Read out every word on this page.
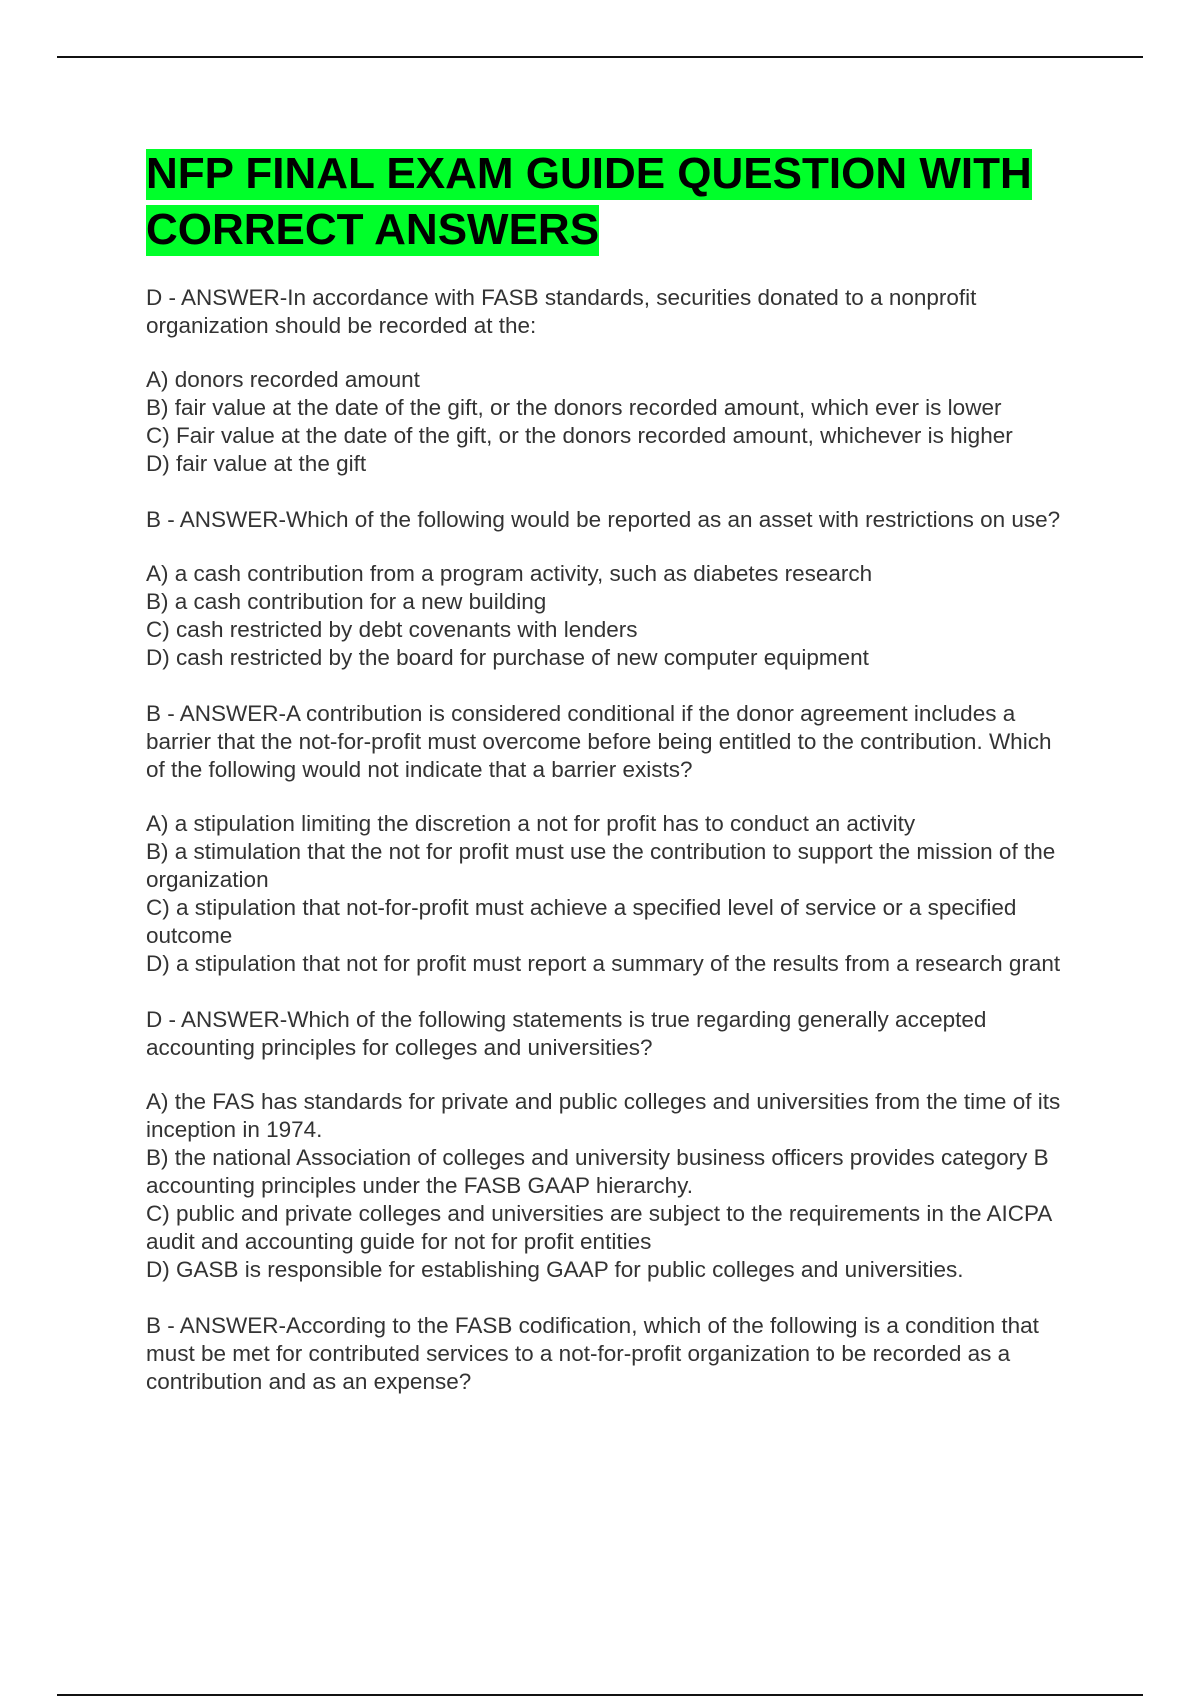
NFP FINAL EXAM GUIDE QUESTION WITH CORRECT ANSWERS

D - ANSWER-In accordance with FASB standards, securities donated to a nonprofit organization should be recorded at the:

A) donors recorded amount
B) fair value at the date of the gift, or the donors recorded amount, which ever is lower
C) Fair value at the date of the gift, or the donors recorded amount, whichever is higher
D) fair value at the gift

B - ANSWER-Which of the following would be reported as an asset with restrictions on use?

A) a cash contribution from a program activity, such as diabetes research
B) a cash contribution for a new building
C) cash restricted by debt covenants with lenders
D) cash restricted by the board for purchase of new computer equipment

B - ANSWER-A contribution is considered conditional if the donor agreement includes a barrier that the not-for-profit must overcome before being entitled to the contribution. Which of the following would not indicate that a barrier exists?

A) a stipulation limiting the discretion a not for profit has to conduct an activity
B) a stimulation that the not for profit must use the contribution to support the mission of the organization
C) a stipulation that not-for-profit must achieve a specified level of service or a specified outcome
D) a stipulation that not for profit must report a summary of the results from a research grant

D - ANSWER-Which of the following statements is true regarding generally accepted accounting principles for colleges and universities?

A) the FAS has standards for private and public colleges and universities from the time of its inception in 1974.
B) the national Association of colleges and university business officers provides category B accounting principles under the FASB GAAP hierarchy.
C) public and private colleges and universities are subject to the requirements in the AICPA audit and accounting guide for not for profit entities
D) GASB is responsible for establishing GAAP for public colleges and universities.

B - ANSWER-According to the FASB codification, which of the following is a condition that must be met for contributed services to a not-for-profit organization to be recorded as a contribution and as an expense?
